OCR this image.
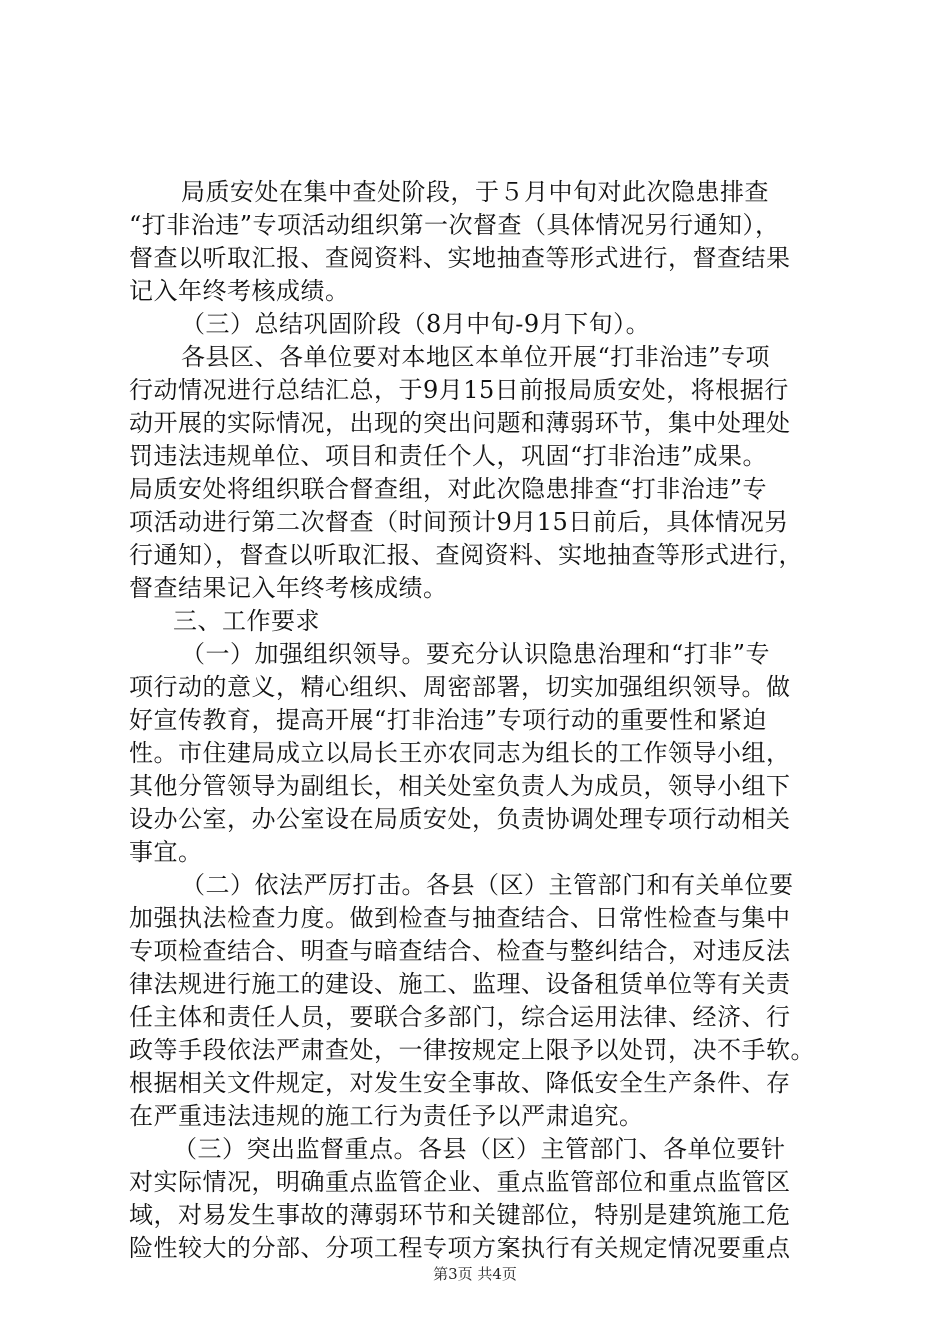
局质安处在集中查处阶段，于５月中旬对此次隐患排查
“打非治违”专项活动组织第一次督查（具体情况另行通知），
督查以听取汇报、查阅资料、实地抽查等形式进行，督查结果
记入年终考核成绩。
（三）总结巩固阶段（8月中旬-9月下旬）。
各县区、各单位要对本地区本单位开展“打非治违”专项
行动情况进行总结汇总，于9月15日前报局质安处，将根据行
动开展的实际情况，出现的突出问题和薄弱环节，集中处理处
罚违法违规单位、项目和责任个人，巩固“打非治违”成果。
局质安处将组织联合督查组，对此次隐患排查“打非治违”专
项活动进行第二次督查（时间预计9月15日前后，具体情况另
行通知），督查以听取汇报、查阅资料、实地抽查等形式进行，
督查结果记入年终考核成绩。
三、工作要求
（一）加强组织领导。要充分认识隐患治理和“打非”专
项行动的意义，精心组织、周密部署，切实加强组织领导。做
好宣传教育，提高开展“打非治违”专项行动的重要性和紧迫
性。市住建局成立以局长王亦农同志为组长的工作领导小组，
其他分管领导为副组长，相关处室负责人为成员，领导小组下
设办公室，办公室设在局质安处，负责协调处理专项行动相关
事宜。
（二）依法严厉打击。各县（区）主管部门和有关单位要
加强执法检查力度。做到检查与抽查结合、日常性检查与集中
专项检查结合、明查与暗查结合、检查与整纠结合，对违反法
律法规进行施工的建设、施工、监理、设备租赁单位等有关责
任主体和责任人员，要联合多部门，综合运用法律、经济、行
政等手段依法严肃查处，一律按规定上限予以处罚，决不手软。
根据相关文件规定，对发生安全事故、降低安全生产条件、存
在严重违法违规的施工行为责任予以严肃追究。
（三）突出监督重点。各县（区）主管部门、各单位要针
对实际情况，明确重点监管企业、重点监管部位和重点监管区
域，对易发生事故的薄弱环节和关键部位，特别是建筑施工危
险性较大的分部、分项工程专项方案执行有关规定情况要重点
第3页 共4页
